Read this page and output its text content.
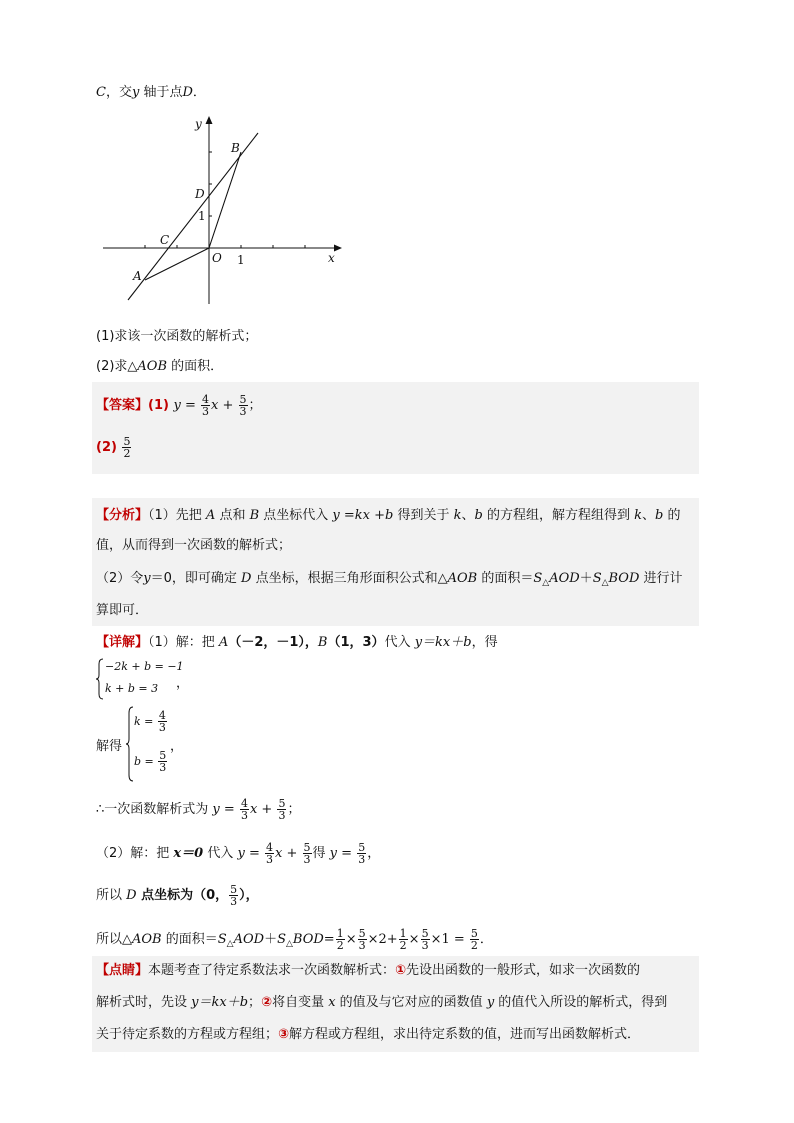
C，交y 轴于点D．
y
x
B
D
1
C
O 1
A
(1)求该一次函数的解析式；
(2)求△AOB 的面积．
【答案】(1) $y = \frac{4}{3}$ $x + \frac{5}{3}$ ；
$(2) \frac{5}{2}$
【分析】（1）先把 A 点和 B 点坐标代入 y =kx +b 得到关于 k、b 的方程组，解方程组得到 k、b 的
值，从而得到一次函数的解析式；
（2）令y＝0，即可确定 D 点坐标，根据三角形面积公式和△AOB 的面积$=S_\triangle AOD+S_\triangle BOD$ 进行计
算即可．
【详解】（1）解：把 A（－2，－1），B（1，3）代入 y＝kx＋b，得
−2k + b = −1
k + b = 3 ，
解得
$k = \frac{4}{3}$
$b = \frac{5}{3}$
，
∴一次函数解析式为 $y = \frac{4}{3}$ $x + \frac{5}{3}$ ；
（2）解：把 x＝0 代入 $y = \frac{4}{3}$ $x + \frac{5}{3}$ 得 $y = \frac{5}{3}$ ，
所以 D 点坐标为（0， $\frac{5}{3}$ ），
所以△AOB 的面积$=S_\triangle AOD+S_\triangle BOD= \frac{1}{2} \times \frac{5}{3} \times 2+ \frac{1}{2} \times \frac{5}{3} \times 1 = \frac{5}{2}$ ．
【点睛】本题考查了待定系数法求一次函数解析式：①先设出函数的一般形式，如求一次函数的
解析式时，先设 y＝kx＋b；②将自变量 x 的值及与它对应的函数值 y 的值代入所设的解析式，得到
关于待定系数的方程或方程组；③解方程或方程组，求出待定系数的值，进而写出函数解析式．
